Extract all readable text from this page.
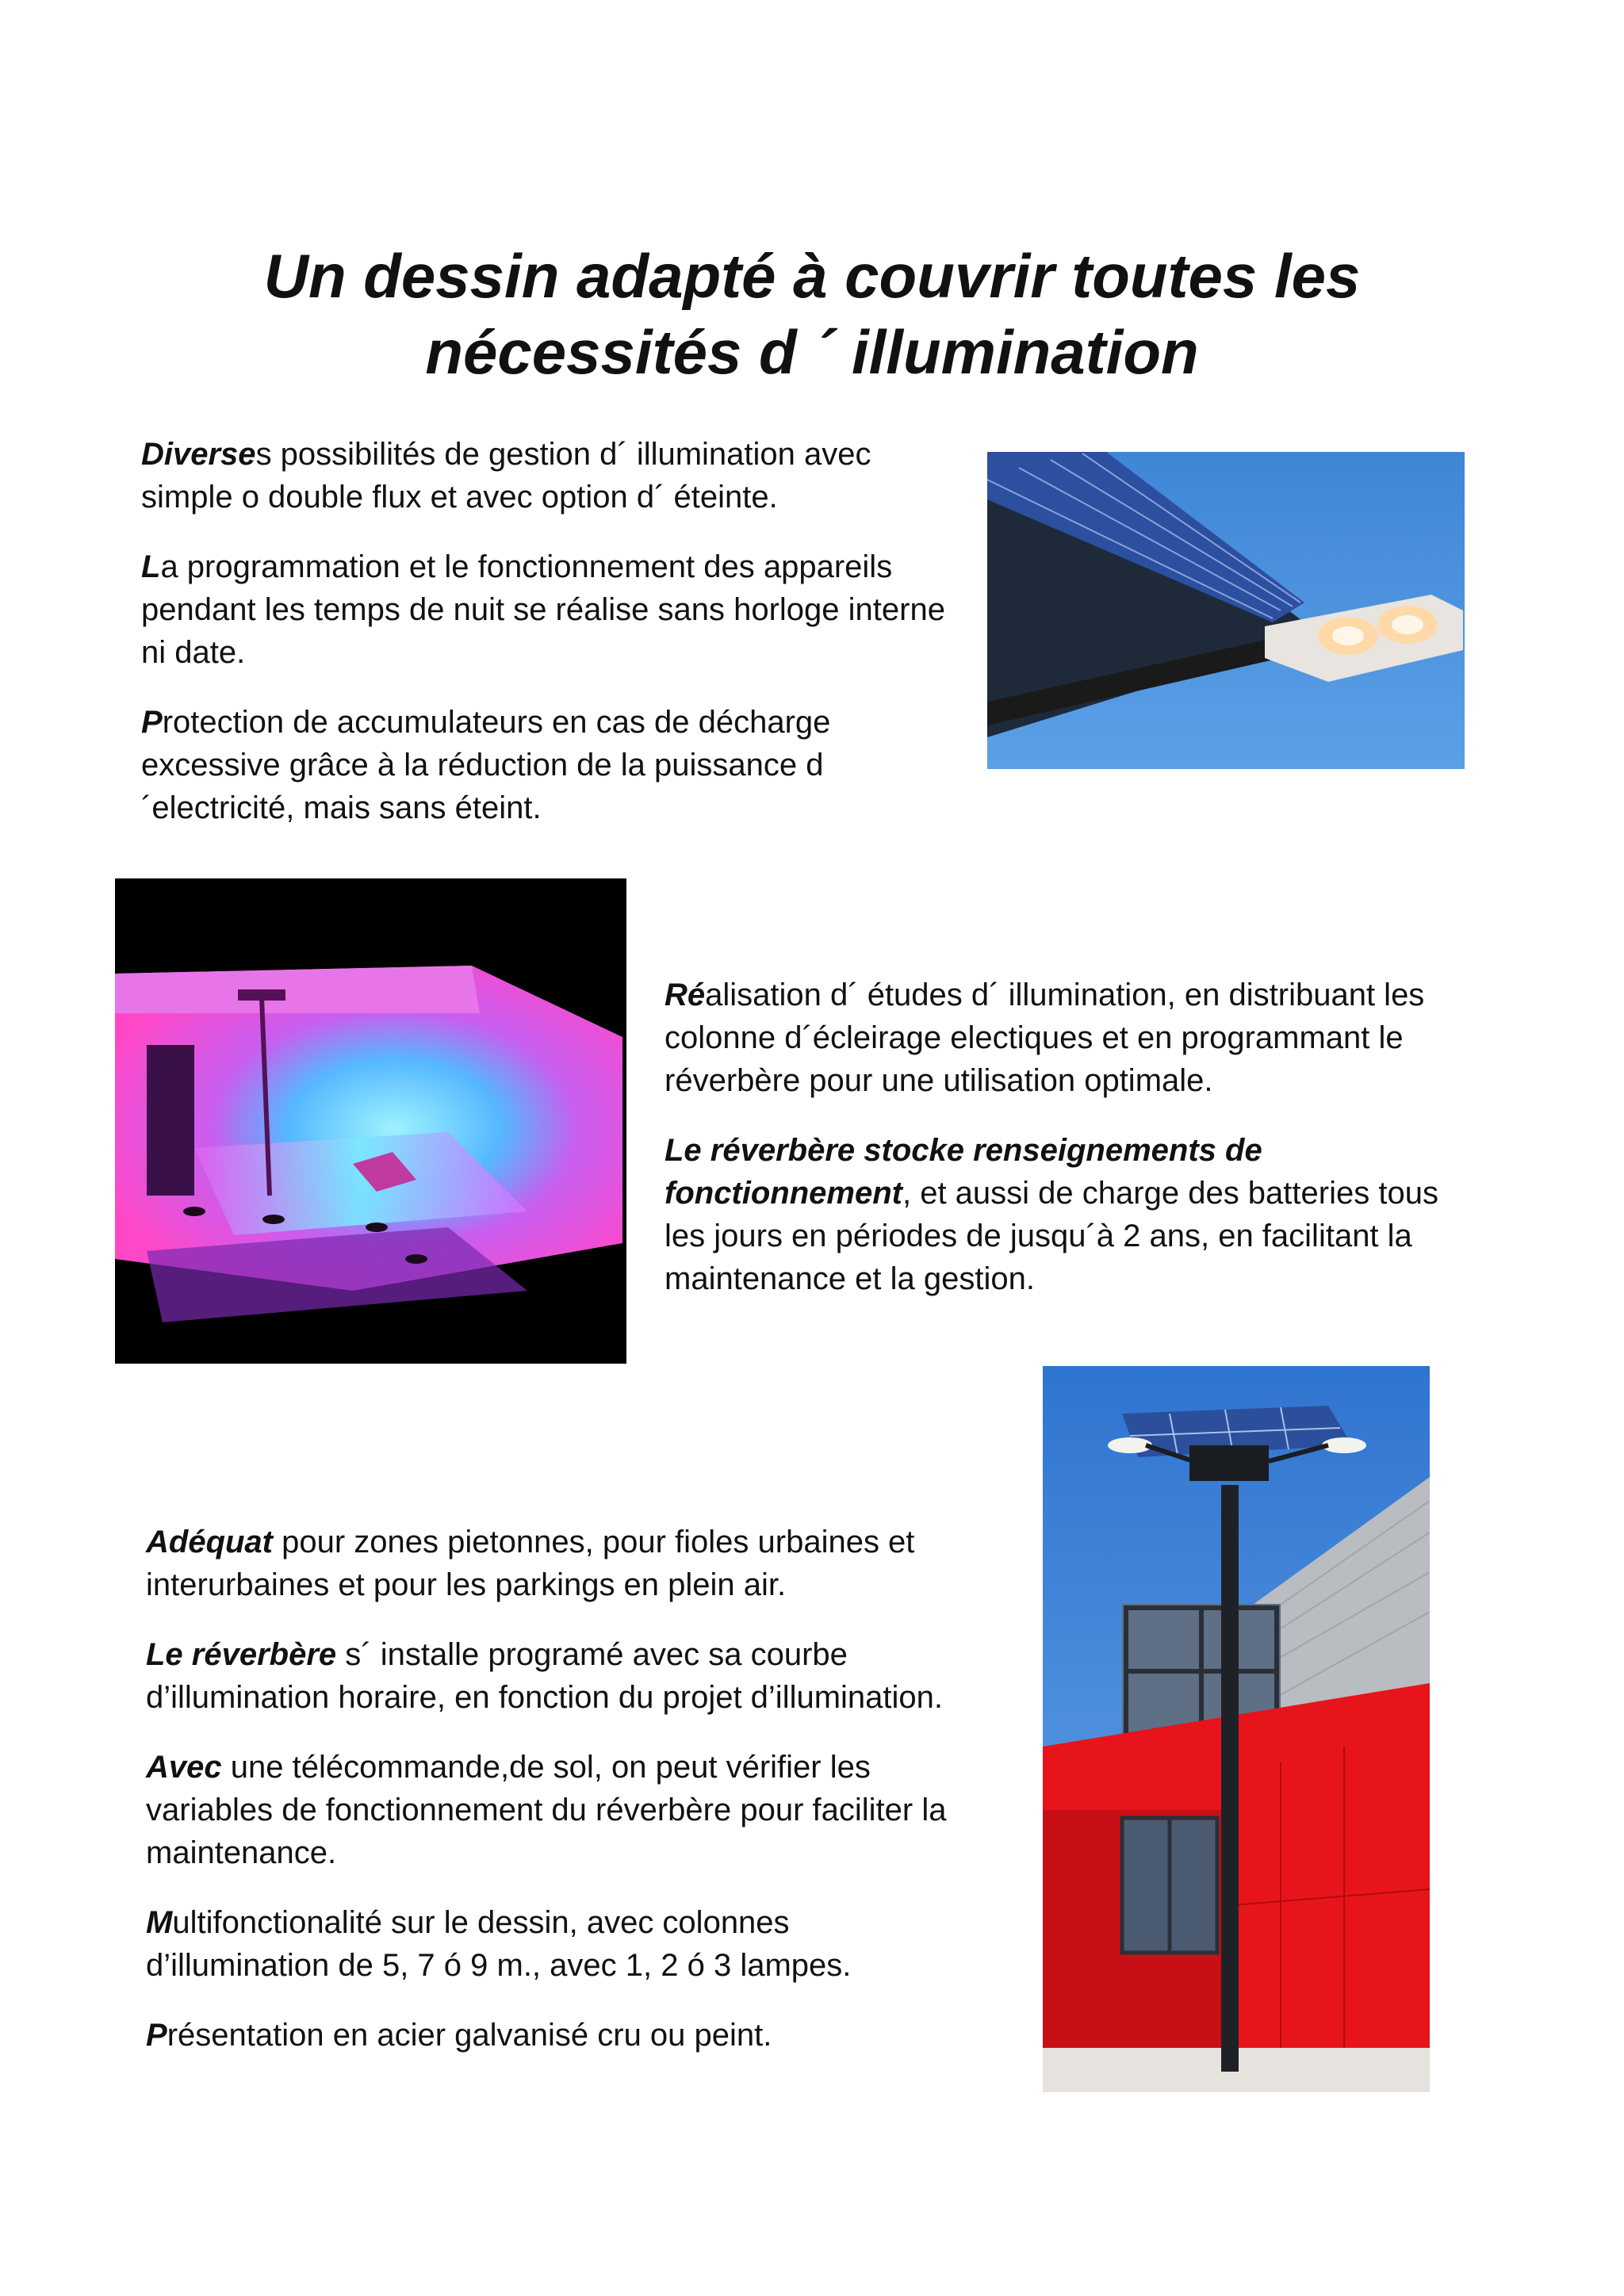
Un dessin adapté à couvrir toutes les
nécessités d ´ illumination

Diverses possibilités de gestion d´ illumination avec simple o double flux et avec option d´ éteinte.

La programmation et le fonctionnement des appareils pendant les temps de nuit se réalise sans horloge interne ni date.

Protection de accumulateurs en cas de décharge excessive grâce à la réduction de la puissance d´electricité, mais sans éteint.

Réalisation d´ études d´ illumination, en distribuant les colonne d´écleirage electiques et en programmant le réverbère pour une utilisation optimale.

Le réverbère stocke renseignements de fonctionnement, et aussi de charge des batteries tous les jours en périodes de jusqu´à 2 ans, en facilitant la maintenance et la gestion.

Adéquat pour zones pietonnes, pour fioles urbaines et interurbaines et pour les parkings en plein air.

Le réverbère s´ installe programé avec sa courbe d’illumination horaire, en fonction du projet d’illumination.

Avec une télécommande,de sol, on peut vérifier les variables de fonctionnement du réverbère pour faciliter la maintenance.

Multifonctionalité sur le dessin, avec colonnes d’illumination de 5, 7 ó 9 m., avec 1, 2 ó 3 lampes.

Présentation en acier galvanisé cru ou peint.
